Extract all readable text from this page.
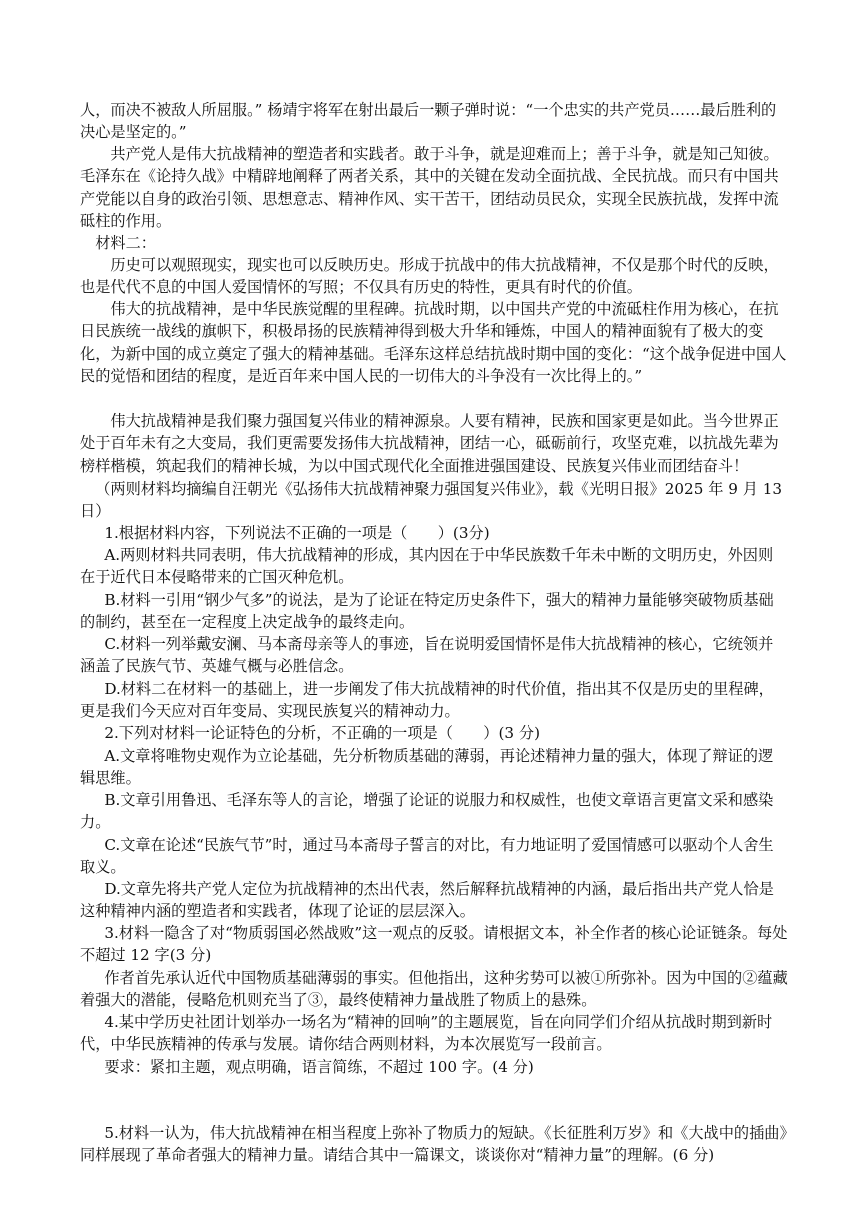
人，而决不被敌人所屈服。” 杨靖宇将军在射出最后一颗子弹时说：“一个忠实的共产党员……最后胜利的决心是坚定的。”

共产党人是伟大抗战精神的塑造者和实践者。敢于斗争，就是迎难而上；善于斗争，就是知己知彼。毛泽东在《论持久战》中精辟地阐释了两者关系，其中的关键在发动全面抗战、全民抗战。而只有中国共产党能以自身的政治引领、思想意志、精神作风、实干苦干，团结动员民众，实现全民族抗战，发挥中流砥柱的作用。

材料二：

历史可以观照现实，现实也可以反映历史。形成于抗战中的伟大抗战精神，不仅是那个时代的反映，也是代代不息的中国人爱国情怀的写照；不仅具有历史的特性，更具有时代的价值。

伟大的抗战精神，是中华民族觉醒的里程碑。抗战时期，以中国共产党的中流砥柱作用为核心，在抗日民族统一战线的旗帜下，积极昂扬的民族精神得到极大升华和锤炼，中国人的精神面貌有了极大的变化，为新中国的成立奠定了强大的精神基础。毛泽东这样总结抗战时期中国的变化：“这个战争促进中国人民的觉悟和团结的程度，是近百年来中国人民的一切伟大的斗争没有一次比得上的。”

伟大抗战精神是我们聚力强国复兴伟业的精神源泉。人要有精神，民族和国家更是如此。当今世界正处于百年未有之大变局，我们更需要发扬伟大抗战精神，团结一心，砥砺前行，攻坚克难，以抗战先辈为榜样楷模，筑起我们的精神长城，为以中国式现代化全面推进强国建设、民族复兴伟业而团结奋斗！

（两则材料均摘编自汪朝光《弘扬伟大抗战精神聚力强国复兴伟业》，载《光明日报》2025 年 9 月 13 日）

1.根据材料内容，下列说法不正确的一项是（　　）(3分)

A.两则材料共同表明，伟大抗战精神的形成，其内因在于中华民族数千年未中断的文明历史，外因则在于近代日本侵略带来的亡国灭种危机。

B.材料一引用“钢少气多”的说法，是为了论证在特定历史条件下，强大的精神力量能够突破物质基础的制约，甚至在一定程度上决定战争的最终走向。

C.材料一列举戴安澜、马本斋母亲等人的事迹，旨在说明爱国情怀是伟大抗战精神的核心，它统领并涵盖了民族气节、英雄气概与必胜信念。

D.材料二在材料一的基础上，进一步阐发了伟大抗战精神的时代价值，指出其不仅是历史的里程碑，更是我们今天应对百年变局、实现民族复兴的精神动力。

2.下列对材料一论证特色的分析，不正确的一项是（　　）(3 分)

A.文章将唯物史观作为立论基础，先分析物质基础的薄弱，再论述精神力量的强大，体现了辩证的逻辑思维。

B.文章引用鲁迅、毛泽东等人的言论，增强了论证的说服力和权威性，也使文章语言更富文采和感染力。

C.文章在论述“民族气节”时，通过马本斋母子誓言的对比，有力地证明了爱国情感可以驱动个人舍生取义。

D.文章先将共产党人定位为抗战精神的杰出代表，然后解释抗战精神的内涵，最后指出共产党人恰是这种精神内涵的塑造者和实践者，体现了论证的层层深入。

3.材料一隐含了对“物质弱国必然战败”这一观点的反驳。请根据文本，补全作者的核心论证链条。每处不超过 12 字(3 分)

作者首先承认近代中国物质基础薄弱的事实。但他指出，这种劣势可以被①所弥补。因为中国的②蕴藏着强大的潜能，侵略危机则充当了③，最终使精神力量战胜了物质上的悬殊。

4.某中学历史社团计划举办一场名为“精神的回响”的主题展览，旨在向同学们介绍从抗战时期到新时代，中华民族精神的传承与发展。请你结合两则材料，为本次展览写一段前言。

要求：紧扣主题，观点明确，语言简练，不超过 100 字。(4 分)

5.材料一认为，伟大抗战精神在相当程度上弥补了物质力的短缺。《长征胜利万岁》和《大战中的插曲》同样展现了革命者强大的精神力量。请结合其中一篇课文，谈谈你对“精神力量”的理解。(6 分)
